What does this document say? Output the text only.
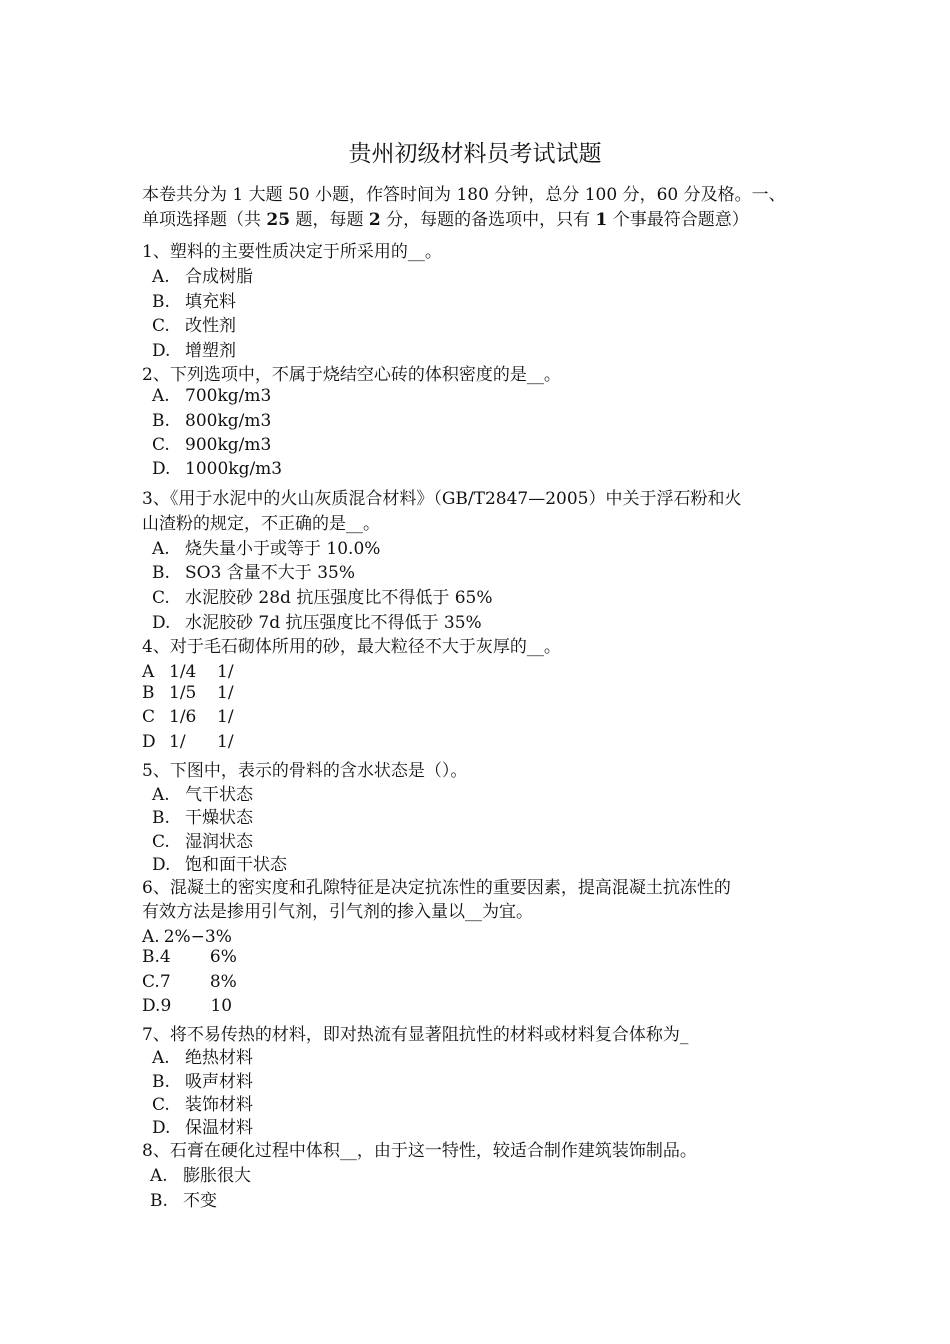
贵州初级材料员考试试题
本卷共分为 1 大题 50 小题，作答时间为 180 分钟，总分 100 分，60 分及格。一、
单项选择题（共 25 题，每题 2 分，每题的备选项中，只有 1 个事最符合题意）
1、塑料的主要性质决定于所采用的__。
A. 合成树脂
B. 填充料
C. 改性剂
D. 增塑剂
2、下列选项中，不属于烧结空心砖的体积密度的是__。
A. 700kg/m3
B. 800kg/m3
C. 900kg/m3
D. 1000kg/m3
3、《用于水泥中的火山灰质混合材料》（GB/T2847—2005）中关于浮石粉和火
山渣粉的规定，不正确的是__。
A. 烧失量小于或等于 10.0%
B. SO3 含量不大于 35%
C. 水泥胶砂 28d 抗压强度比不得低于 65%
D. 水泥胶砂 7d 抗压强度比不得低于 35%
4、对于毛石砌体所用的砂，最大粒径不大于灰厚的__。
A 1/4 1/
B 1/5 1/
C 1/6 1/
D 1/ 1/
5、下图中，表示的骨料的含水状态是（）。
A. 气干状态
B. 干燥状态
C. 湿润状态
D. 饱和面干状态
6、混凝土的密实度和孔隙特征是决定抗冻性的重要因素，提高混凝土抗冻性的
有效方法是掺用引气剂，引气剂的掺入量以__为宜。
A. 2%−3%
B.4 6%
C.7 8%
D.9 10
7、将不易传热的材料，即对热流有显著阻抗性的材料或材料复合体称为_
A. 绝热材料
B. 吸声材料
C. 装饰材料
D. 保温材料
8、石膏在硬化过程中体积__，由于这一特性，较适合制作建筑装饰制品。
A. 膨胀很大
B. 不变
